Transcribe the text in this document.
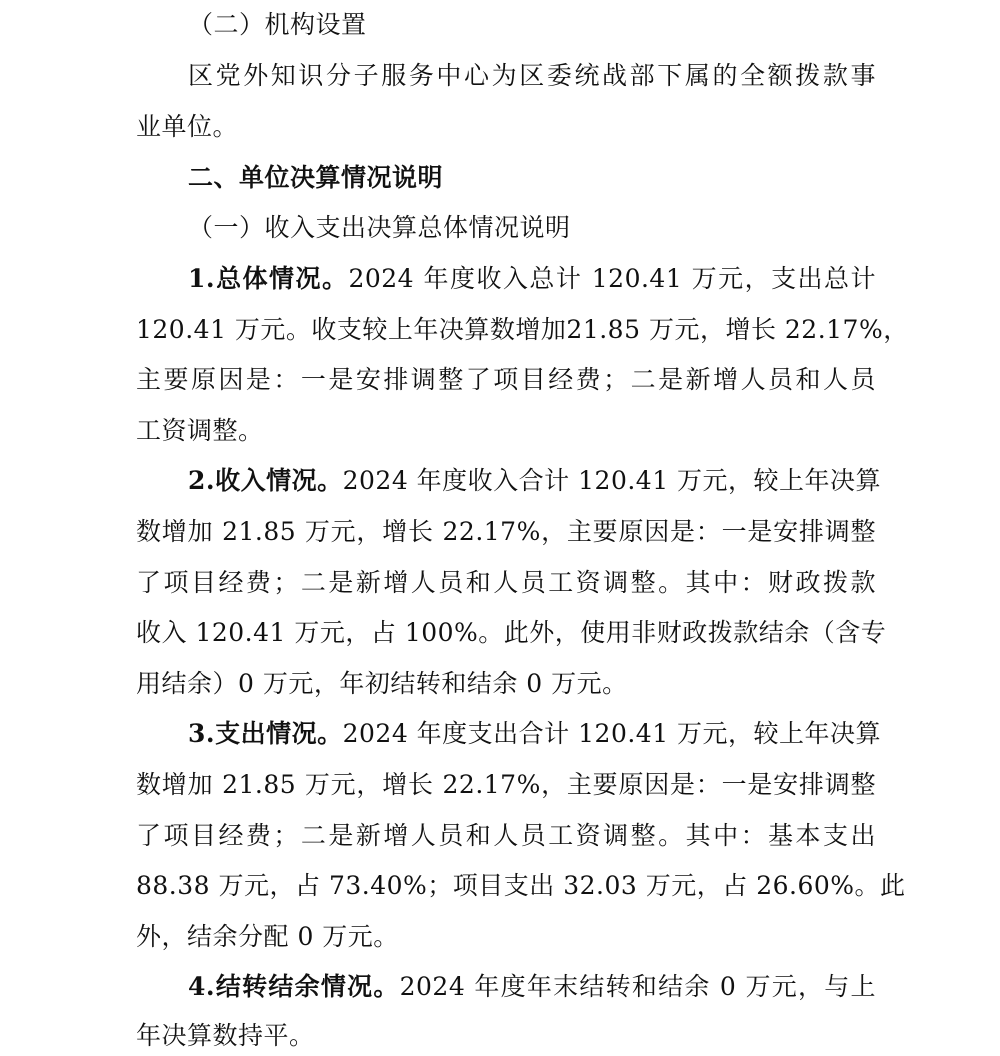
（二）机构设置
区党外知识分子服务中心为区委统战部下属的全额拨款事
业单位。
二、单位决算情况说明
（一）收入支出决算总体情况说明
1.总体情况。2024 年度收入总计 120.41 万元，支出总计
120.41 万元。收支较上年决算数增加21.85 万元，增长 22.17%，
主要原因是：一是安排调整了项目经费；二是新增人员和人员
工资调整。
2.收入情况。2024 年度收入合计 120.41 万元，较上年决算
数增加 21.85 万元，增长 22.17%，主要原因是：一是安排调整
了项目经费；二是新增人员和人员工资调整。其中：财政拨款
收入 120.41 万元，占 100%。此外，使用非财政拨款结余（含专
用结余）0 万元，年初结转和结余 0 万元。
3.支出情况。2024 年度支出合计 120.41 万元，较上年决算
数增加 21.85 万元，增长 22.17%，主要原因是：一是安排调整
了项目经费；二是新增人员和人员工资调整。其中：基本支出
88.38 万元，占 73.40%；项目支出 32.03 万元，占 26.60%。此
外，结余分配 0 万元。
4.结转结余情况。2024 年度年末结转和结余 0 万元，与上
年决算数持平。
